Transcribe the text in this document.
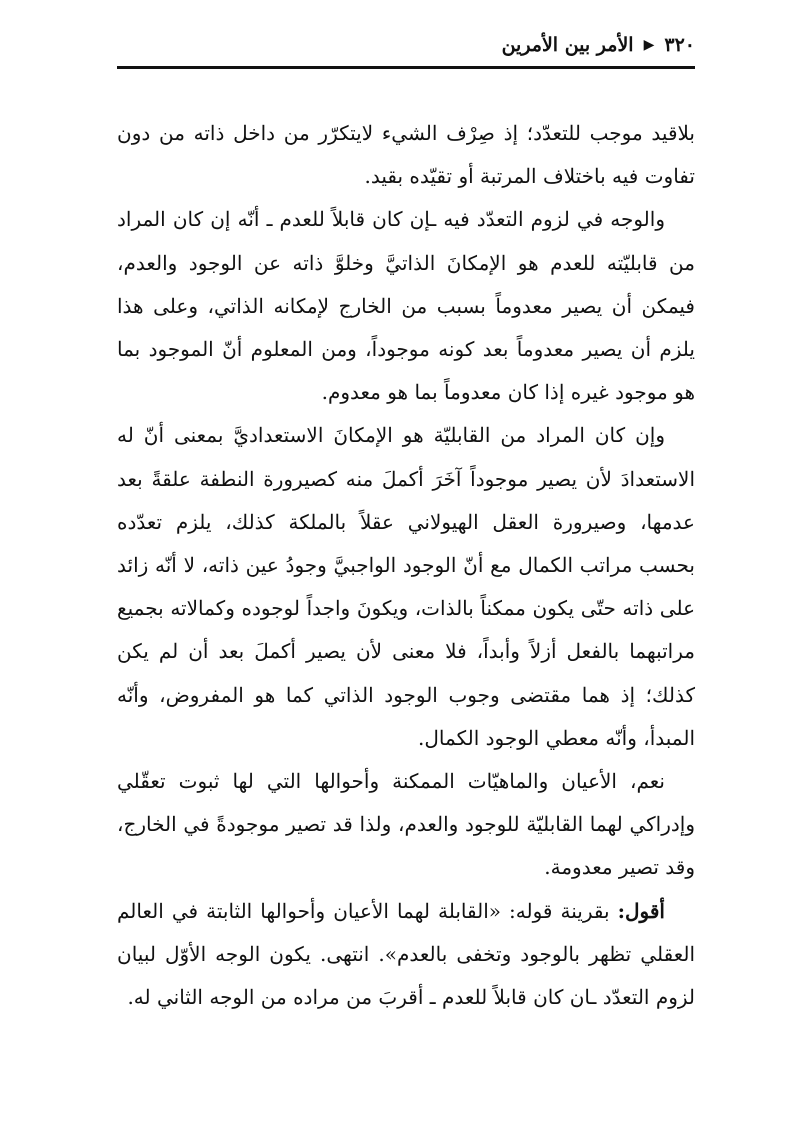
٣٢٠
▶
الأمر بين الأمرين

بلاقيد موجب للتعدّد؛ إذ صِرْف الشيء لايتكرّر من داخل ذاته من دون تفاوت فيه باختلاف المرتبة أو تقيّده بقيد.

والوجه في لزوم التعدّد فيه ـإن كان قابلاً للعدم ـ أنّه إن كان المراد من قابليّته للعدم هو الإمكانَ الذاتيَّ وخلوَّ ذاته عن الوجود والعدم، فيمكن أن يصير معدوماً بسبب من الخارج لإمكانه الذاتي، وعلى هذا يلزم أن يصير معدوماً بعد كونه موجوداً، ومن المعلوم أنّ الموجود بما هو موجود غيره إذا كان معدوماً بما هو معدوم.

وإن كان المراد من القابليّة هو الإمكانَ الاستعداديَّ بمعنى أنّ له الاستعدادَ لأن يصير موجوداً آخَرَ أكملَ منه كصيرورة النطفة علقةً بعد عدمها، وصيرورة العقل الهيولاني عقلاً بالملكة كذلك، يلزم تعدّده بحسب مراتب الكمال مع أنّ الوجود الواجبيَّ وجودُ عين ذاته، لا أنّه زائد على ذاته حتّى يكون ممكناً بالذات، ويكونَ واجداً لوجوده وكمالاته بجميع مراتبهما بالفعل أزلاً وأبداً، فلا معنى لأن يصير أكملَ بعد أن لم يكن كذلك؛ إذ هما مقتضى وجوب الوجود الذاتي كما هو المفروض، وأنّه المبدأ، وأنّه معطي الوجود الكمال.

نعم، الأعيان والماهيّات الممكنة وأحوالها التي لها ثبوت تعقّلي وإدراكي لهما القابليّة للوجود والعدم، ولذا قد تصير موجودةً في الخارج، وقد تصير معدومة.

أقول: بقرينة قوله: «القابلة لهما الأعيان وأحوالها الثابتة في العالم العقلي تظهر بالوجود وتخفى بالعدم». انتهى. يكون الوجه الأوّل لبيان لزوم التعدّد ـان كان قابلاً للعدم ـ أقربَ من مراده من الوجه الثاني له.
